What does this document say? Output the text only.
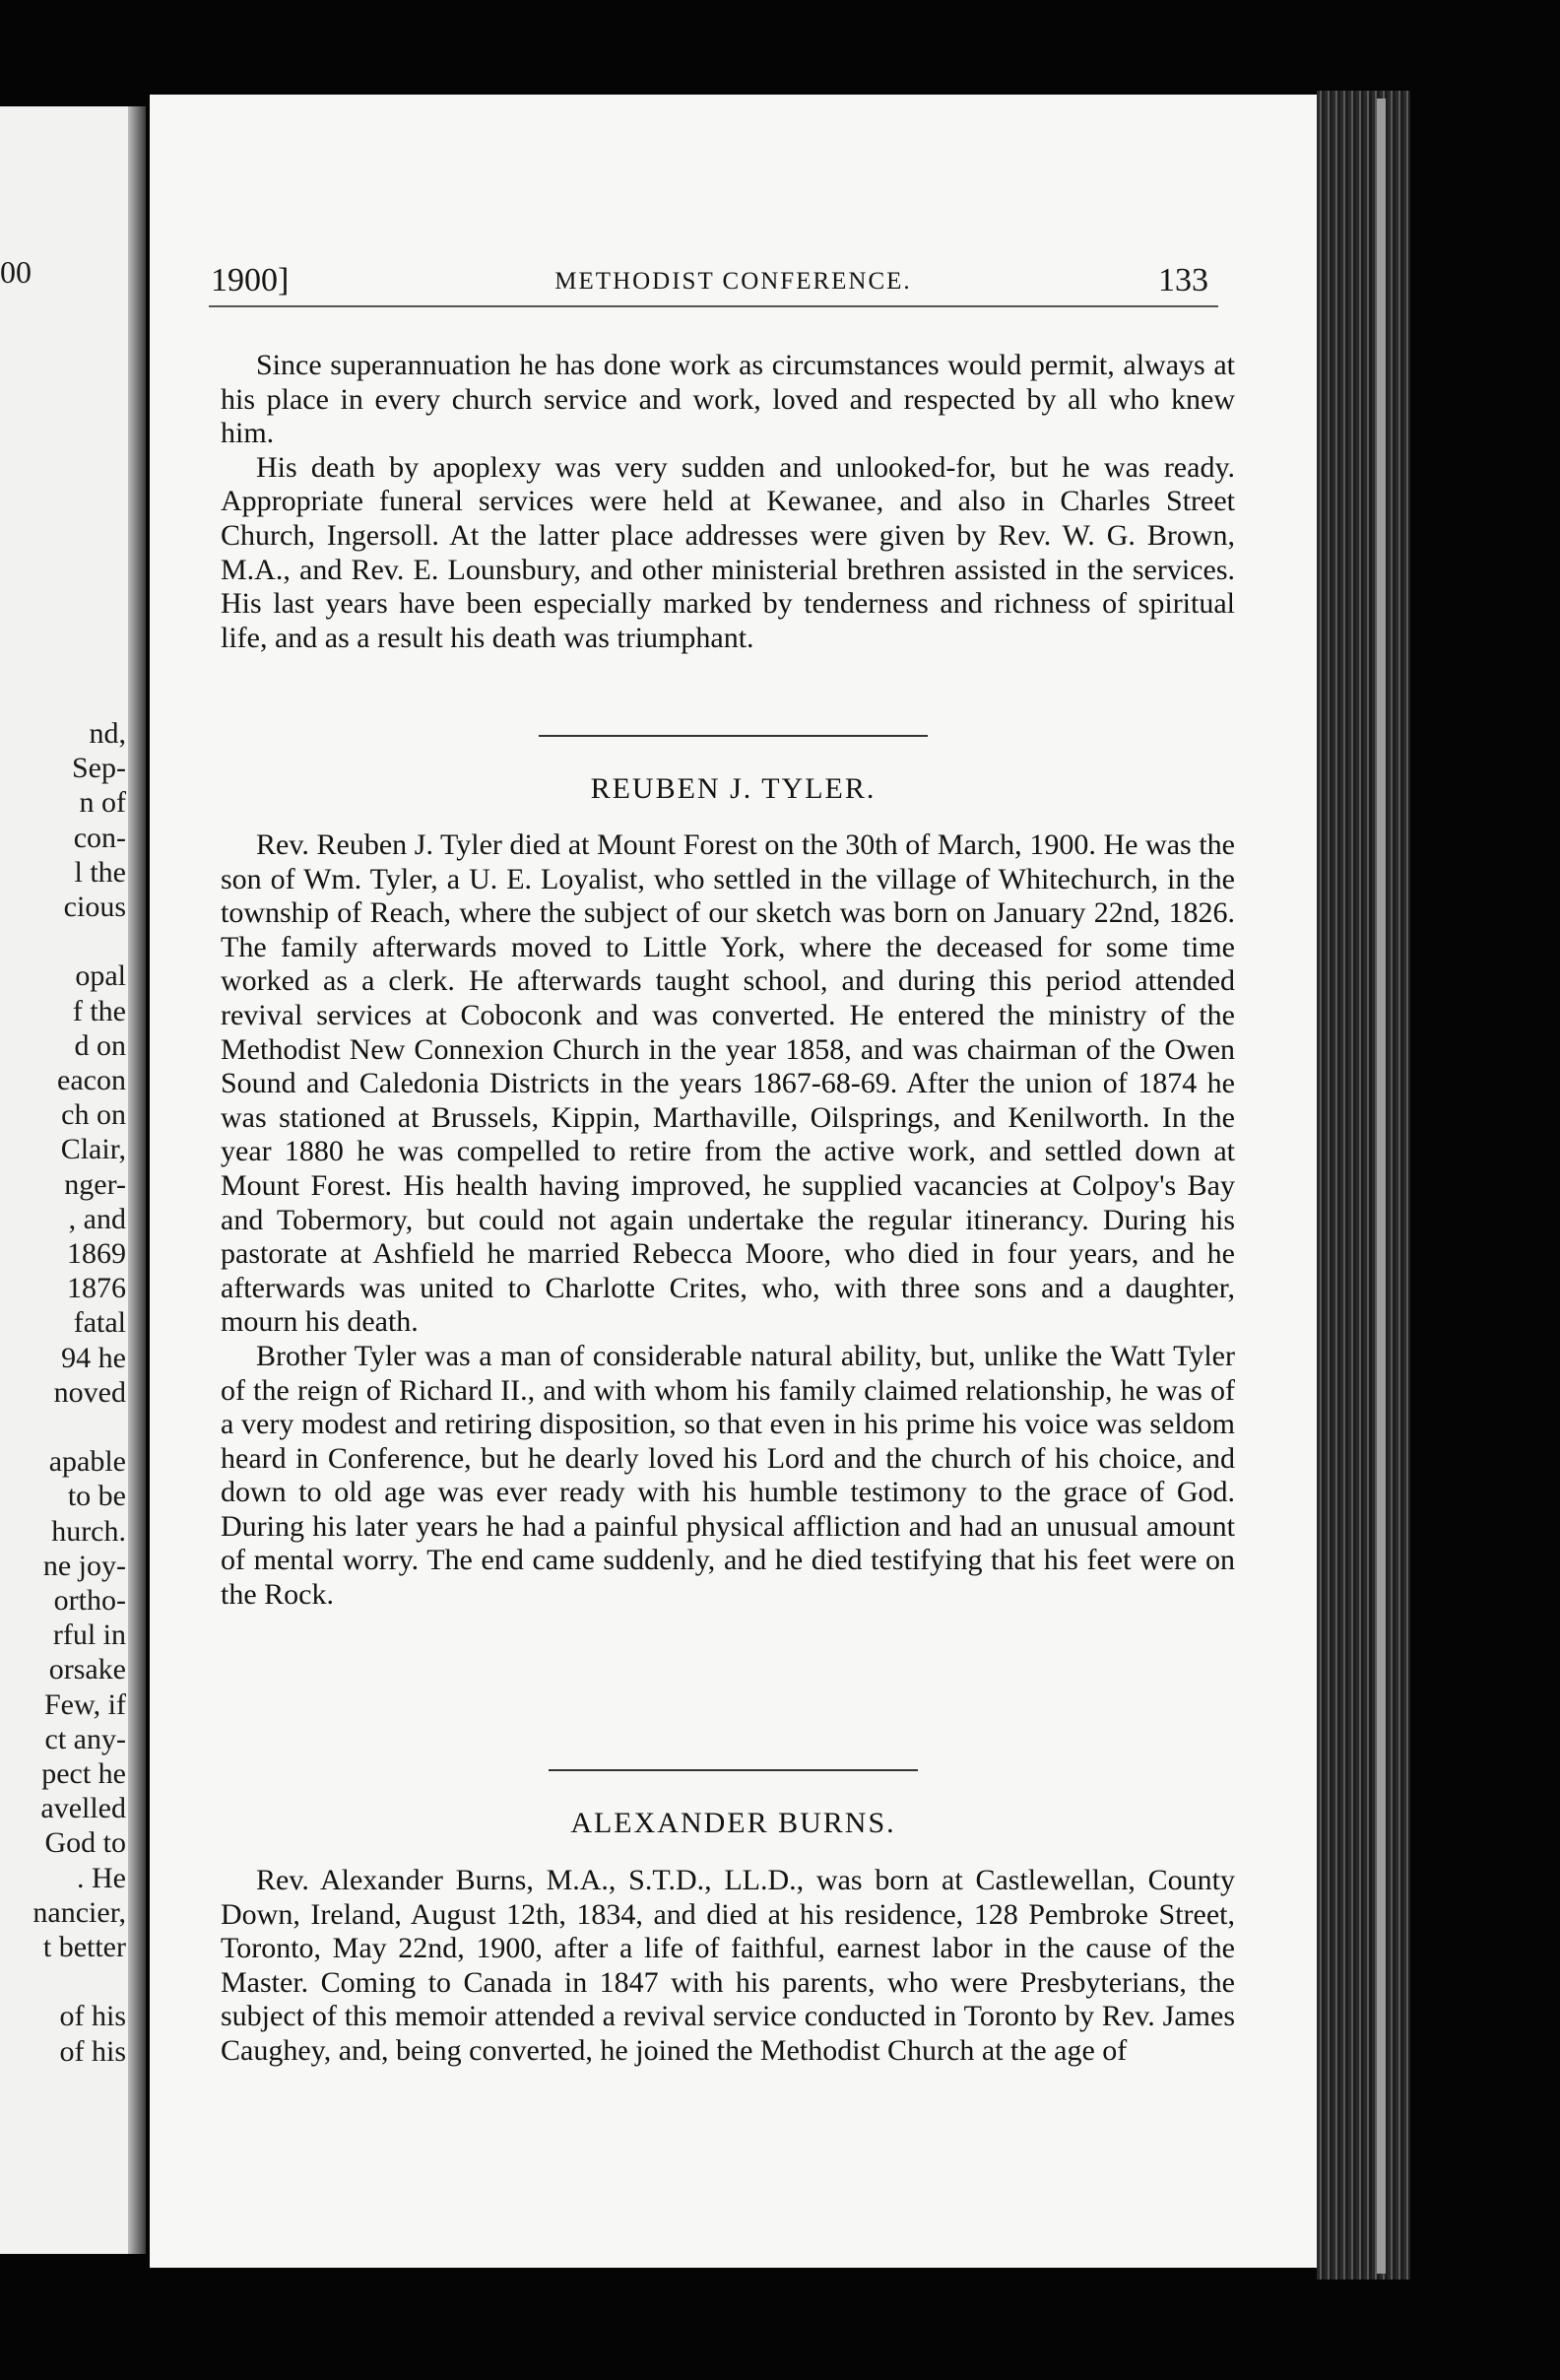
00
nd,
Sep-
n of
con-
l the
cious
opal
f the
d on
eacon
ch on
Clair,
nger-
, and
1869
1876
fatal
94 he
noved
apable
to be
hurch.
ne joy-
ortho-
rful in
orsake
Few, if
ct any-
pect he
avelled
God to
. He
nancier,
t better
of his
of his
1900]	METHODIST CONFERENCE.	133

Since superannuation he has done work as circumstances would permit, always at his place in every church service and work, loved and respected by all who knew him.

His death by apoplexy was very sudden and unlooked-for, but he was ready. Appropriate funeral services were held at Kewanee, and also in Charles Street Church, Ingersoll. At the latter place addresses were given by Rev. W. G. Brown, M.A., and Rev. E. Lounsbury, and other ministerial brethren assisted in the services. His last years have been especially marked by tenderness and richness of spiritual life, and as a result his death was triumphant.

REUBEN J. TYLER.

Rev. Reuben J. Tyler died at Mount Forest on the 30th of March, 1900. He was the son of Wm. Tyler, a U. E. Loyalist, who settled in the village of Whitechurch, in the township of Reach, where the subject of our sketch was born on January 22nd, 1826. The family afterwards moved to Little York, where the deceased for some time worked as a clerk. He afterwards taught school, and during this period attended revival services at Coboconk and was converted. He entered the ministry of the Methodist New Connexion Church in the year 1858, and was chairman of the Owen Sound and Caledonia Districts in the years 1867-68-69. After the union of 1874 he was stationed at Brussels, Kippin, Marthaville, Oilsprings, and Kenilworth. In the year 1880 he was compelled to retire from the active work, and settled down at Mount Forest. His health having improved, he supplied vacancies at Colpoy's Bay and Tobermory, but could not again undertake the regular itinerancy. During his pastorate at Ashfield he married Rebecca Moore, who died in four years, and he afterwards was united to Charlotte Crites, who, with three sons and a daughter, mourn his death.

Brother Tyler was a man of considerable natural ability, but, unlike the Watt Tyler of the reign of Richard II., and with whom his family claimed relationship, he was of a very modest and retiring disposition, so that even in his prime his voice was seldom heard in Conference, but he dearly loved his Lord and the church of his choice, and down to old age was ever ready with his humble testimony to the grace of God. During his later years he had a painful physical affliction and had an unusual amount of mental worry. The end came suddenly, and he died testifying that his feet were on the Rock.

ALEXANDER BURNS.

Rev. Alexander Burns, M.A., S.T.D., LL.D., was born at Castlewellan, County Down, Ireland, August 12th, 1834, and died at his residence, 128 Pembroke Street, Toronto, May 22nd, 1900, after a life of faithful, earnest labor in the cause of the Master. Coming to Canada in 1847 with his parents, who were Presbyterians, the subject of this memoir attended a revival service conducted in Toronto by Rev. James Caughey, and, being converted, he joined the Methodist Church at the age of
